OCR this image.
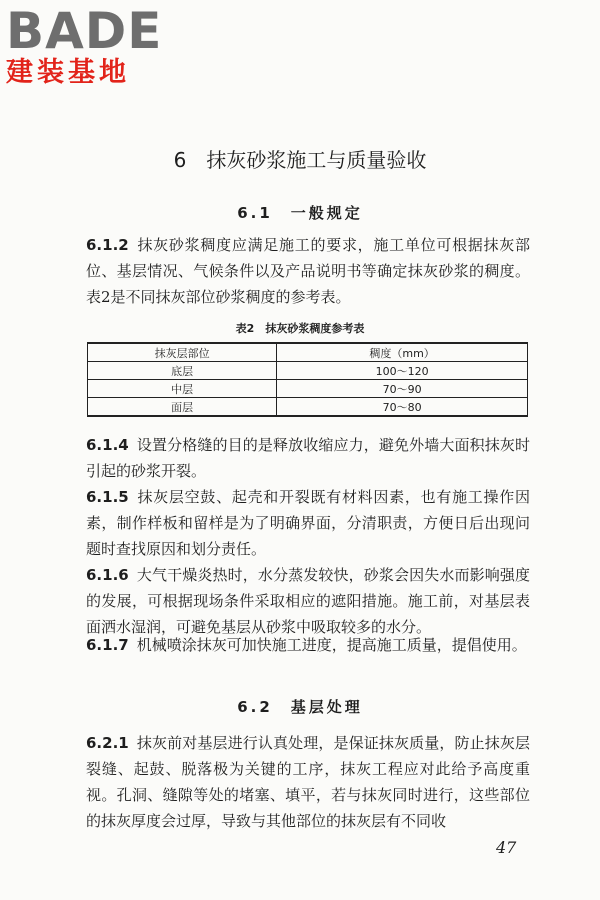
BADE
建装基地
6　抹灰砂浆施工与质量验收
6.1　一般规定

6.1.2 抹灰砂浆稠度应满足施工的要求，施工单位可根据抹灰部位、基层情况、气候条件以及产品说明书等确定抹灰砂浆的稠度。表2是不同抹灰部位砂浆稠度的参考表。

表2　抹灰砂浆稠度参考表
抹灰层部位	稠度（mm）
底层	100～120
中层	70～90
面层	70～80

6.1.4 设置分格缝的目的是释放收缩应力，避免外墙大面积抹灰时引起的砂浆开裂。

6.1.5 抹灰层空鼓、起壳和开裂既有材料因素，也有施工操作因素，制作样板和留样是为了明确界面，分清职责，方便日后出现问题时查找原因和划分责任。

6.1.6 大气干燥炎热时，水分蒸发较快，砂浆会因失水而影响强度的发展，可根据现场条件采取相应的遮阳措施。施工前，对基层表面洒水湿润，可避免基层从砂浆中吸取较多的水分。

6.1.7 机械喷涂抹灰可加快施工进度，提高施工质量，提倡使用。

6.2　基层处理

6.2.1 抹灰前对基层进行认真处理，是保证抹灰质量，防止抹灰层裂缝、起鼓、脱落极为关键的工序，抹灰工程应对此给予高度重视。孔洞、缝隙等处的堵塞、填平，若与抹灰同时进行，这些部位的抹灰厚度会过厚，导致与其他部位的抹灰层有不同收

47
